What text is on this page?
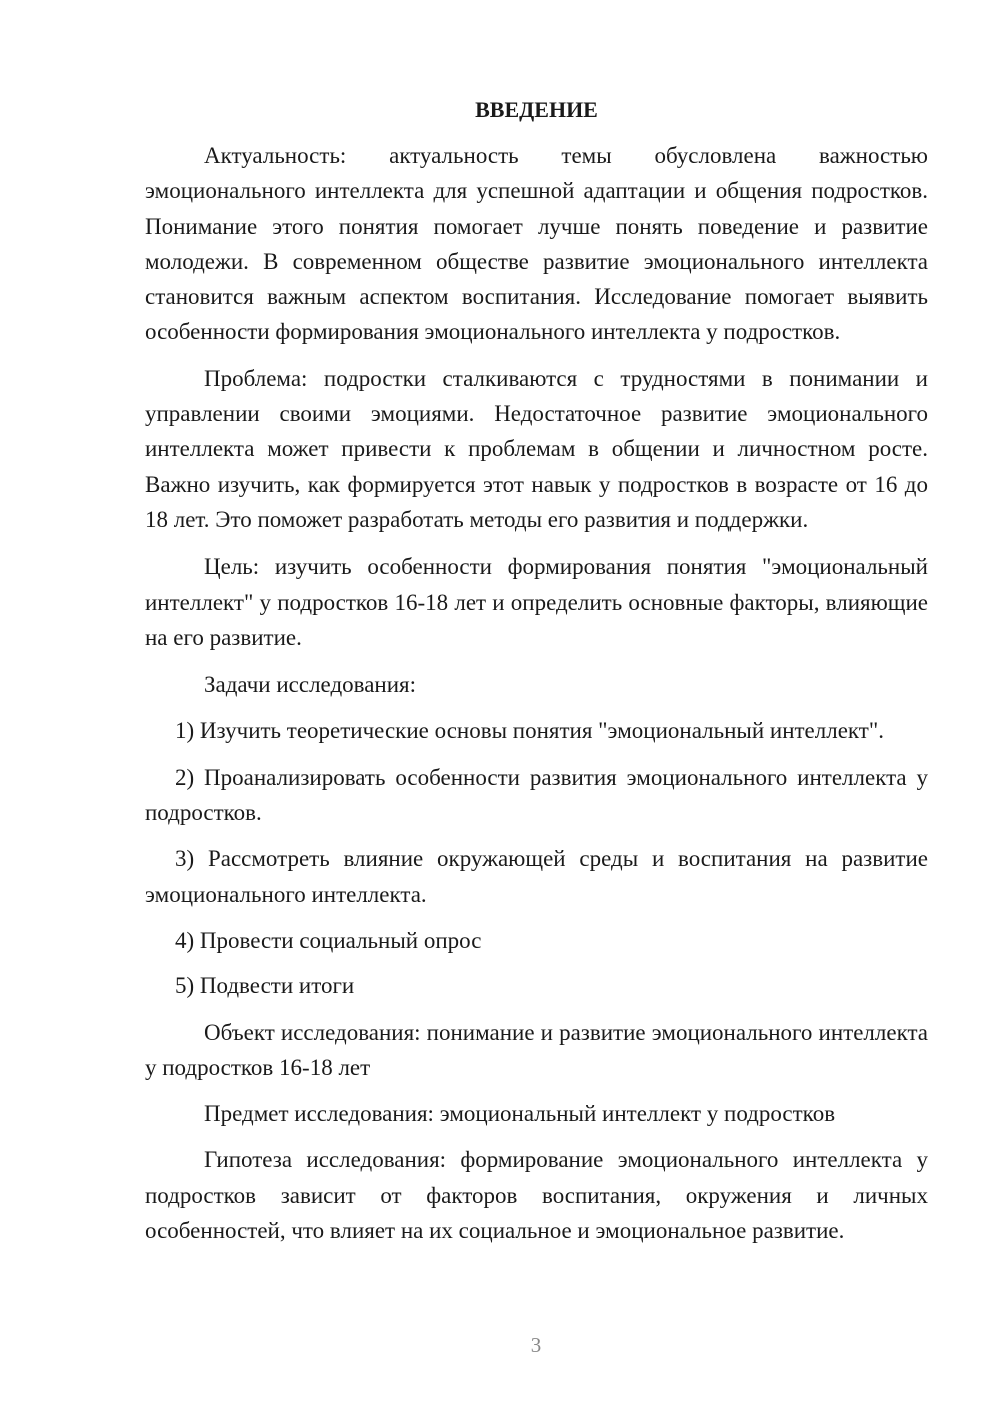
ВВЕДЕНИЕ

Актуальность: актуальность темы обусловлена важностью эмоционального интеллекта для успешной адаптации и общения подростков. Понимание этого понятия помогает лучше понять поведение и развитие молодежи. В современном обществе развитие эмоционального интеллекта становится важным аспектом воспитания. Исследование помогает выявить особенности формирования эмоционального интеллекта у подростков.

Проблема: подростки сталкиваются с трудностями в понимании и управлении своими эмоциями. Недостаточное развитие эмоционального интеллекта может привести к проблемам в общении и личностном росте. Важно изучить, как формируется этот навык у подростков в возрасте от 16 до 18 лет. Это поможет разработать методы его развития и поддержки.

Цель: изучить особенности формирования понятия "эмоциональный интеллект" у подростков 16-18 лет и определить основные факторы, влияющие на его развитие.

Задачи исследования:

1) Изучить теоретические основы понятия "эмоциональный интеллект".

2) Проанализировать особенности развития эмоционального интеллекта у подростков.

3) Рассмотреть влияние окружающей среды и воспитания на развитие эмоционального интеллекта.

4) Провести социальный опрос

5) Подвести итоги

Объект исследования: понимание и развитие эмоционального интеллекта у подростков 16-18 лет

Предмет исследования: эмоциональный интеллект у подростков

Гипотеза исследования: формирование эмоционального интеллекта у подростков зависит от факторов воспитания, окружения и личных особенностей, что влияет на их социальное и эмоциональное развитие.

3
